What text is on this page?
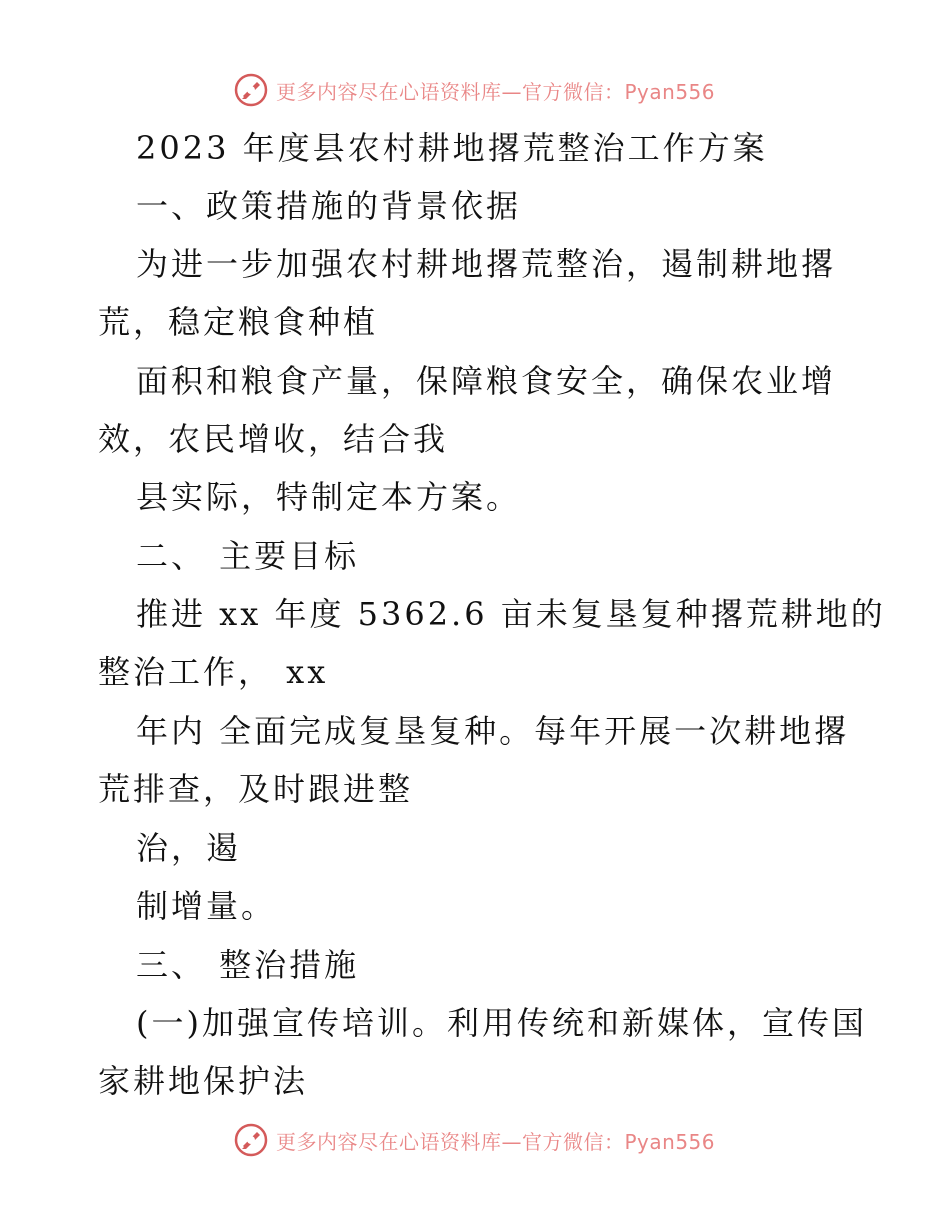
更多内容尽在心语资料库—官方微信：Pyan556
2023 年度县农村耕地撂荒整治工作方案
一、政策措施的背景依据
为进一步加强农村耕地撂荒整治，遏制耕地撂
荒，稳定粮食种植
面积和粮食产量，保障粮食安全，确保农业增
效，农民增收，结合我
县实际，特制定本方案。
二、 主要目标
推进 xx 年度 5362.6 亩未复垦复种撂荒耕地的
整治工作， xx
年内 全面完成复垦复种。每年开展一次耕地撂
荒排查，及时跟进整
治，遏
制增量。
三、 整治措施
(一)加强宣传培训。利用传统和新媒体，宣传国
家耕地保护法
更多内容尽在心语资料库—官方微信：Pyan556
